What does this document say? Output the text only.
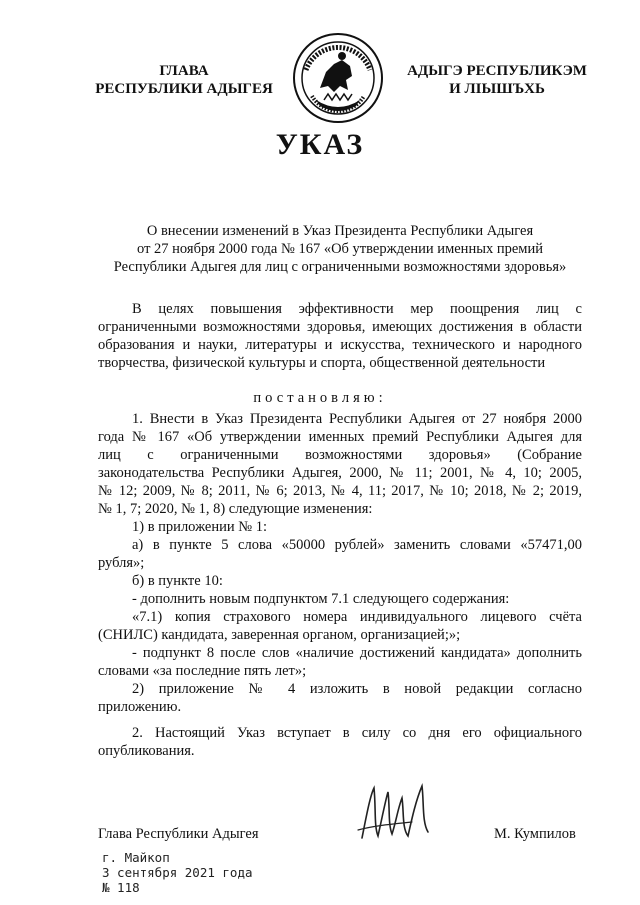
ГЛАВА
РЕСПУБЛИКИ АДЫГЕЯ
АДЫГЭ РЕСПУБЛИКЭМ
И ЛІЫШЪХЬ
УКАЗ
О внесении изменений в Указ Президента Республики Адыгея
от 27 ноября 2000 года № 167 «Об утверждении именных премий
Республики Адыгея для лиц с ограниченными возможностями здоровья»
В целях повышения эффективности мер поощрения лиц с
ограниченными возможностями здоровья, имеющих достижения в области
образования и науки, литературы и искусства, технического и народного
творчества, физической культуры и спорта, общественной деятельности
постановляю:
1. Внести в Указ Президента Республики Адыгея от 27 ноября 2000
года № 167 «Об утверждении именных премий Республики Адыгея для
лиц с ограниченными возможностями здоровья» (Собрание
законодательства Республики Адыгея, 2000, № 11; 2001, № 4, 10; 2005,
№ 12; 2009, № 8; 2011, № 6; 2013, № 4, 11; 2017, № 10; 2018, № 2; 2019,
№ 1, 7; 2020, № 1, 8) следующие изменения:
1) в приложении № 1:
а) в пункте 5 слова «50000 рублей» заменить словами «57471,00
рубля»;
б) в пункте 10:
- дополнить новым подпунктом 7.1 следующего содержания:
«7.1) копия страхового номера индивидуального лицевого счёта
(СНИЛС) кандидата, заверенная органом, организацией;»;
- подпункт 8 после слов «наличие достижений кандидата» дополнить
словами «за последние пять лет»;
2) приложение № 4 изложить в новой редакции согласно
приложению.
2. Настоящий Указ вступает в силу со дня его официального
опубликования.
Глава Республики Адыгея	М. Кумпилов
г. Майкоп
3 сентября 2021 года
№ 118
